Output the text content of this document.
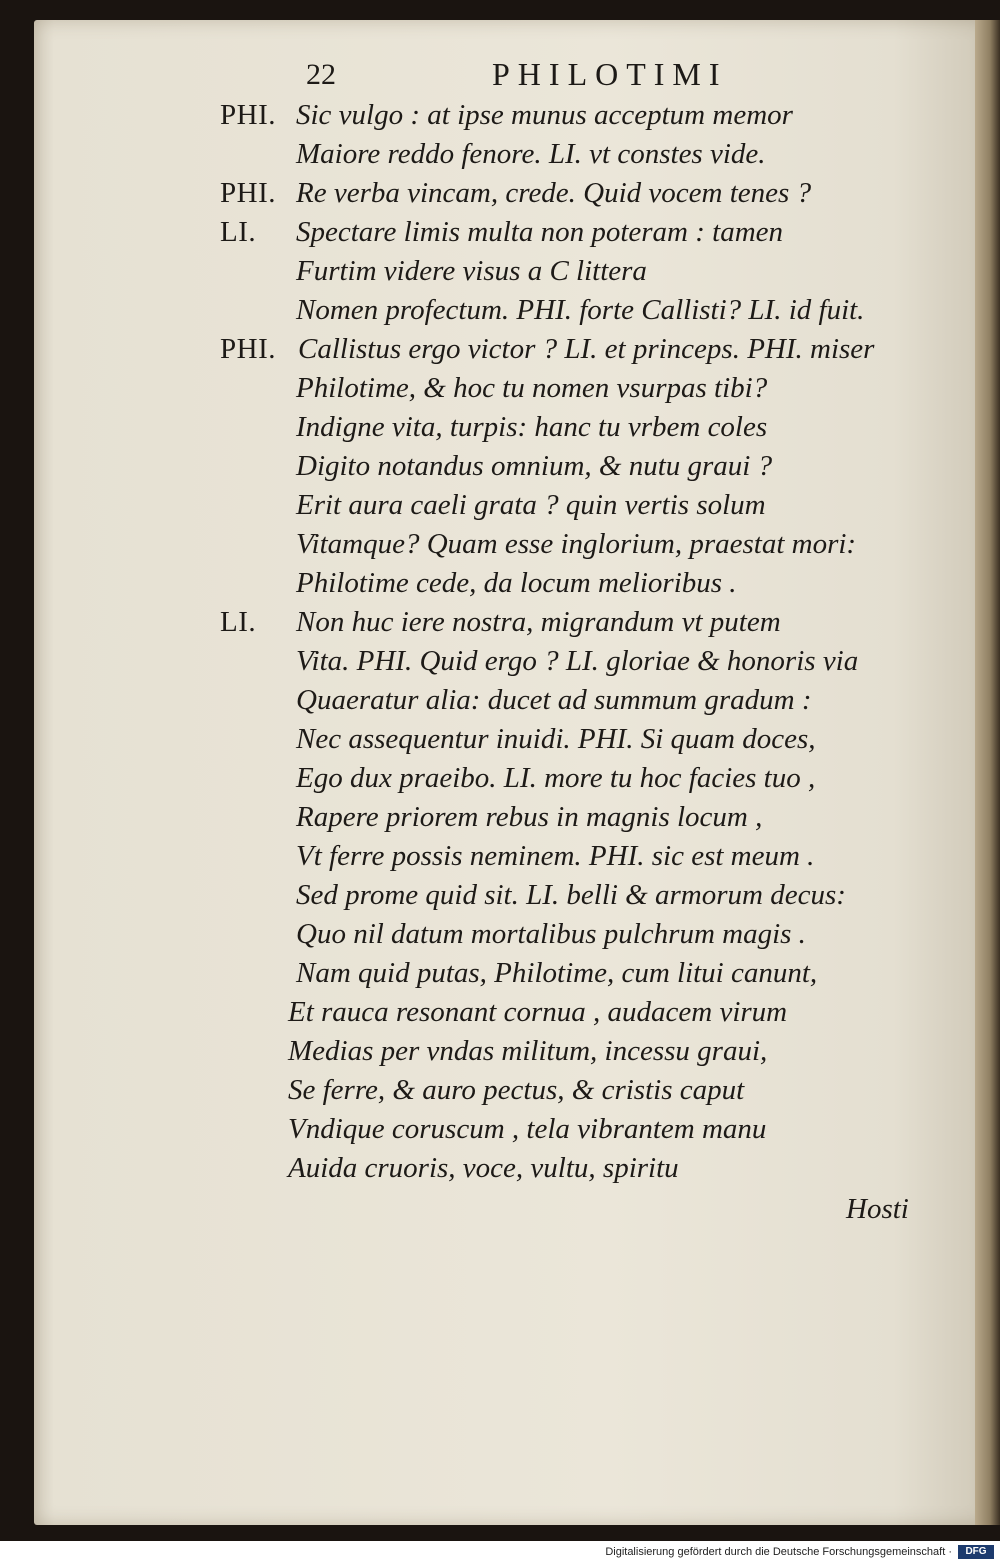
22	PHILOTIMI
PHI. Sic vulgo : at ipse munus acceptum memor
Maiore reddo fenore. LI. vt constes vide.
PHI. Re verba vincam, crede. Quid vocem tenes ?
LI. Spectare limis multa non poteram : tamen
Furtim videre visus a C littera
Nomen profectum. PHI. forte Callisti? LI. id fuit.
PHI. Callistus ergo victor ? LI. et princeps. PHI. miser
Philotime, & hoc tu nomen vsurpas tibi?
Indigne vita, turpis: hanc tu vrbem coles
Digito notandus omnium, & nutu graui ?
Erit aura caeli grata ? quin vertis solum
Vitamque? Quam esse inglorium, praestat mori:
Philotime cede, da locum melioribus .
LI. Non huc iere nostra, migrandum vt putem
Vita. PHI. Quid ergo ? LI. gloriae & honoris via
Quaeratur alia: ducet ad summum gradum :
Nec assequentur inuidi. PHI. Si quam doces,
Ego dux praeibo. LI. more tu hoc facies tuo ,
Rapere priorem rebus in magnis locum ,
Vt ferre possis neminem. PHI. sic est meum .
Sed prome quid sit. LI. belli & armorum decus:
Quo nil datum mortalibus pulchrum magis .
Nam quid putas, Philotime, cum litui canunt,
Et rauca resonant cornua , audacem virum
Medias per vndas militum, incessu graui,
Se ferre, & auro pectus, & cristis caput
Vndique coruscum , tela vibrantem manu
Auida cruoris, voce, vultu, spiritu
Hosti
Digitalisierung gefördert durch die Deutsche Forschungsgemeinschaft ·	DFG
